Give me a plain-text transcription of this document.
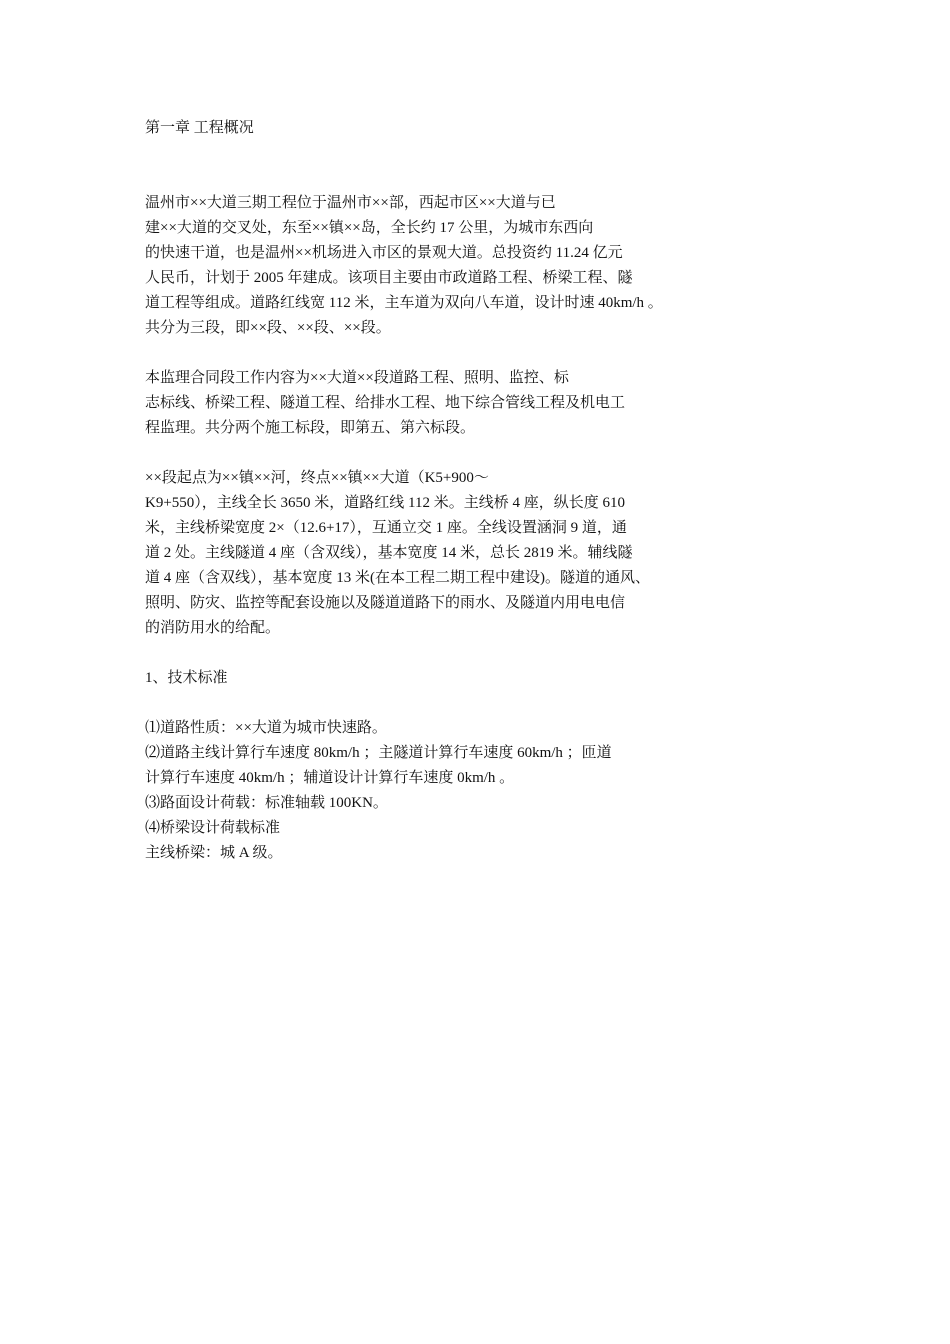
第一章 工程概况
温州市××大道三期工程位于温州市××部，西起市区××大道与已
建××大道的交叉处，东至××镇××岛，全长约 17 公里，为城市东西向
的快速干道，也是温州××机场进入市区的景观大道。总投资约 11.24 亿元
人民币，计划于 2005 年建成。该项目主要由市政道路工程、桥梁工程、隧
道工程等组成。道路红线宽 112 米，主车道为双向八车道，设计时速 40km/h 。
共分为三段，即××段、××段、××段。
本监理合同段工作内容为××大道××段道路工程、照明、监控、标
志标线、桥梁工程、隧道工程、给排水工程、地下综合管线工程及机电工
程监理。共分两个施工标段，即第五、第六标段。
××段起点为××镇××河，终点××镇××大道（K5+900～
K9+550），主线全长 3650 米，道路红线 112 米。主线桥 4 座，纵长度 610
米，主线桥梁宽度 2×（12.6+17），互通立交 1 座。全线设置涵洞 9 道，通
道 2 处。主线隧道 4 座（含双线），基本宽度 14 米，总长 2819 米。辅线隧
道 4 座（含双线），基本宽度 13 米(在本工程二期工程中建设)。隧道的通风、
照明、防灾、监控等配套设施以及隧道道路下的雨水、及隧道内用电电信
的消防用水的给配。
1、技术标准
⑴道路性质：××大道为城市快速路。
⑵道路主线计算行车速度 80km/h ；主隧道计算行车速度 60km/h ；匝道
计算行车速度 40km/h ；辅道设计计算行车速度 0km/h 。
⑶路面设计荷载：标准轴载 100KN。
⑷桥梁设计荷载标准
主线桥梁：城 A 级。
